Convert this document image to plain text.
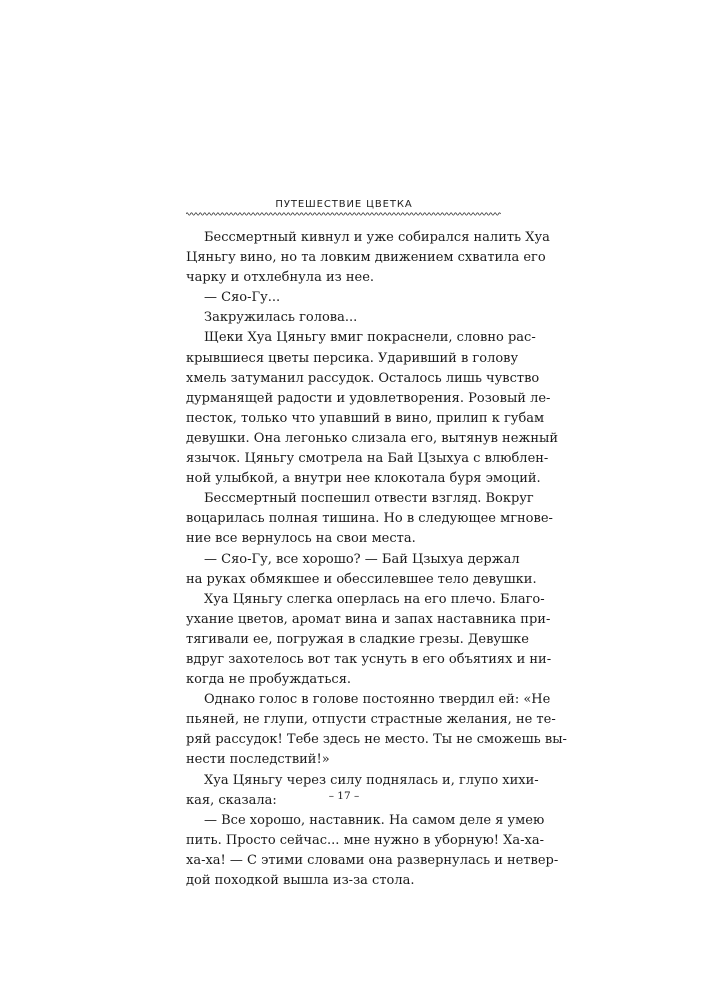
ПУТЕШЕСТВИЕ ЦВЕТКА
Бессмертный кивнул и уже собирался налить Хуа
Цяньгу вино, но та ловким движением схватила его
чарку и отхлебнула из нее.
— Сяо-Гу...
Закружилась голова...
Щеки Хуа Цяньгу вмиг покраснели, словно рас-
крывшиеся цветы персика. Ударивший в голову
хмель затуманил рассудок. Осталось лишь чувство
дурманящей радости и удовлетворения. Розовый ле-
песток, только что упавший в вино, прилип к губам
девушки. Она легонько слизала его, вытянув нежный
язычок. Цяньгу смотрела на Бай Цзыхуа с влюблен-
ной улыбкой, а внутри нее клокотала буря эмоций.
Бессмертный поспешил отвести взгляд. Вокруг
воцарилась полная тишина. Но в следующее мгнове-
ние все вернулось на свои места.
— Сяо-Гу, все хорошо? — Бай Цзыхуа держал
на руках обмякшее и обессилевшее тело девушки.
Хуа Цяньгу слегка оперлась на его плечо. Благо-
ухание цветов, аромат вина и запах наставника при-
тягивали ее, погружая в сладкие грезы. Девушке
вдруг захотелось вот так уснуть в его объятиях и ни-
когда не пробуждаться.
Однако голос в голове постоянно твердил ей: «Не
пьяней, не глупи, отпусти страстные желания, не те-
ряй рассудок! Тебе здесь не место. Ты не сможешь вы-
нести последствий!»
Хуа Цяньгу через силу поднялась и, глупо хихи-
кая, сказала:
— Все хорошо, наставник. На самом деле я умею
пить. Просто сейчас... мне нужно в уборную! Ха-ха-
ха-ха! — С этими словами она развернулась и нетвер-
дой походкой вышла из-за стола.
– 17 –
